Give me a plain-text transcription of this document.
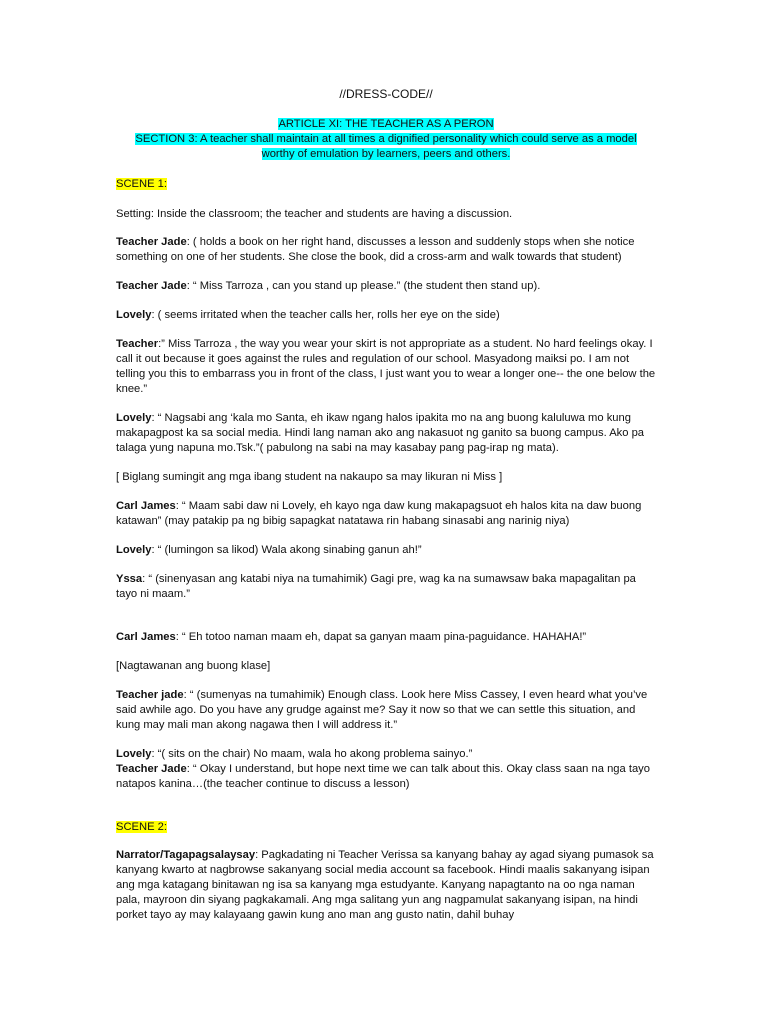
//DRESS-CODE//

ARTICLE XI: THE TEACHER AS A PERON
SECTION 3: A teacher shall maintain at all times a dignified personality which could serve as a model
worthy of emulation by learners, peers and others.

SCENE 1:

Setting: Inside the classroom; the teacher and students are having a discussion.

Teacher Jade: ( holds a book on her right hand, discusses a lesson and suddenly stops when she notice something on one of her students. She close the book, did a cross-arm and walk towards that student)

Teacher Jade: “ Miss Tarroza , can you stand up please.” (the student then stand up).

Lovely: ( seems irritated when the teacher calls her, rolls her eye on the side)

Teacher:” Miss Tarroza , the way you wear your skirt is not appropriate as a student. No hard feelings okay. I call it out because it goes against the rules and regulation of our school. Masyadong maiksi po. I am not telling you this to embarrass you in front of the class, I just want you to wear a longer one-- the one below the knee.”

Lovely: “ Nagsabi ang ‘kala mo Santa, eh ikaw ngang halos ipakita mo na ang buong kaluluwa mo kung makapagpost ka sa social media. Hindi lang naman ako ang nakasuot ng ganito sa buong campus. Ako pa talaga yung napuna mo.Tsk.”( pabulong na sabi na may kasabay pang pag-irap ng mata).

[ Biglang sumingit ang mga ibang student na nakaupo sa may likuran ni Miss ]

Carl James: “ Maam sabi daw ni Lovely, eh kayo nga daw kung makapagsuot eh halos kita na daw buong katawan” (may patakip pa ng bibig sapagkat natatawa rin habang sinasabi ang narinig niya)

Lovely: “ (lumingon sa likod) Wala akong sinabing ganun ah!”

Yssa: “ (sinenyasan ang katabi niya na tumahimik) Gagi pre, wag ka na sumawsaw baka mapagalitan pa tayo ni maam.”

Carl James: “ Eh totoo naman maam eh, dapat sa ganyan maam pina-paguidance. HAHAHA!”

[Nagtawanan ang buong klase]

Teacher jade: “ (sumenyas na tumahimik) Enough class. Look here Miss Cassey, I even heard what you’ve said awhile ago. Do you have any grudge against me? Say it now so that we can settle this situation, and kung may mali man akong nagawa then I will address it.”

Lovely: “( sits on the chair) No maam, wala ho akong problema sainyo.”

Teacher Jade: “ Okay I understand, but hope next time we can talk about this. Okay class saan na nga tayo natapos kanina…(the teacher continue to discuss a lesson)

SCENE 2:

Narrator/Tagapagsalaysay: Pagkadating ni Teacher Verissa sa kanyang bahay ay agad siyang pumasok sa kanyang kwarto at nagbrowse sakanyang social media account sa facebook. Hindi maalis sakanyang isipan ang mga katagang binitawan ng isa sa kanyang mga estudyante. Kanyang napagtanto na oo nga naman pala, mayroon din siyang pagkakamali. Ang mga salitang yun ang nagpamulat sakanyang isipan, na hindi porket tayo ay may kalayaang gawin kung ano man ang gusto natin, dahil buhay
